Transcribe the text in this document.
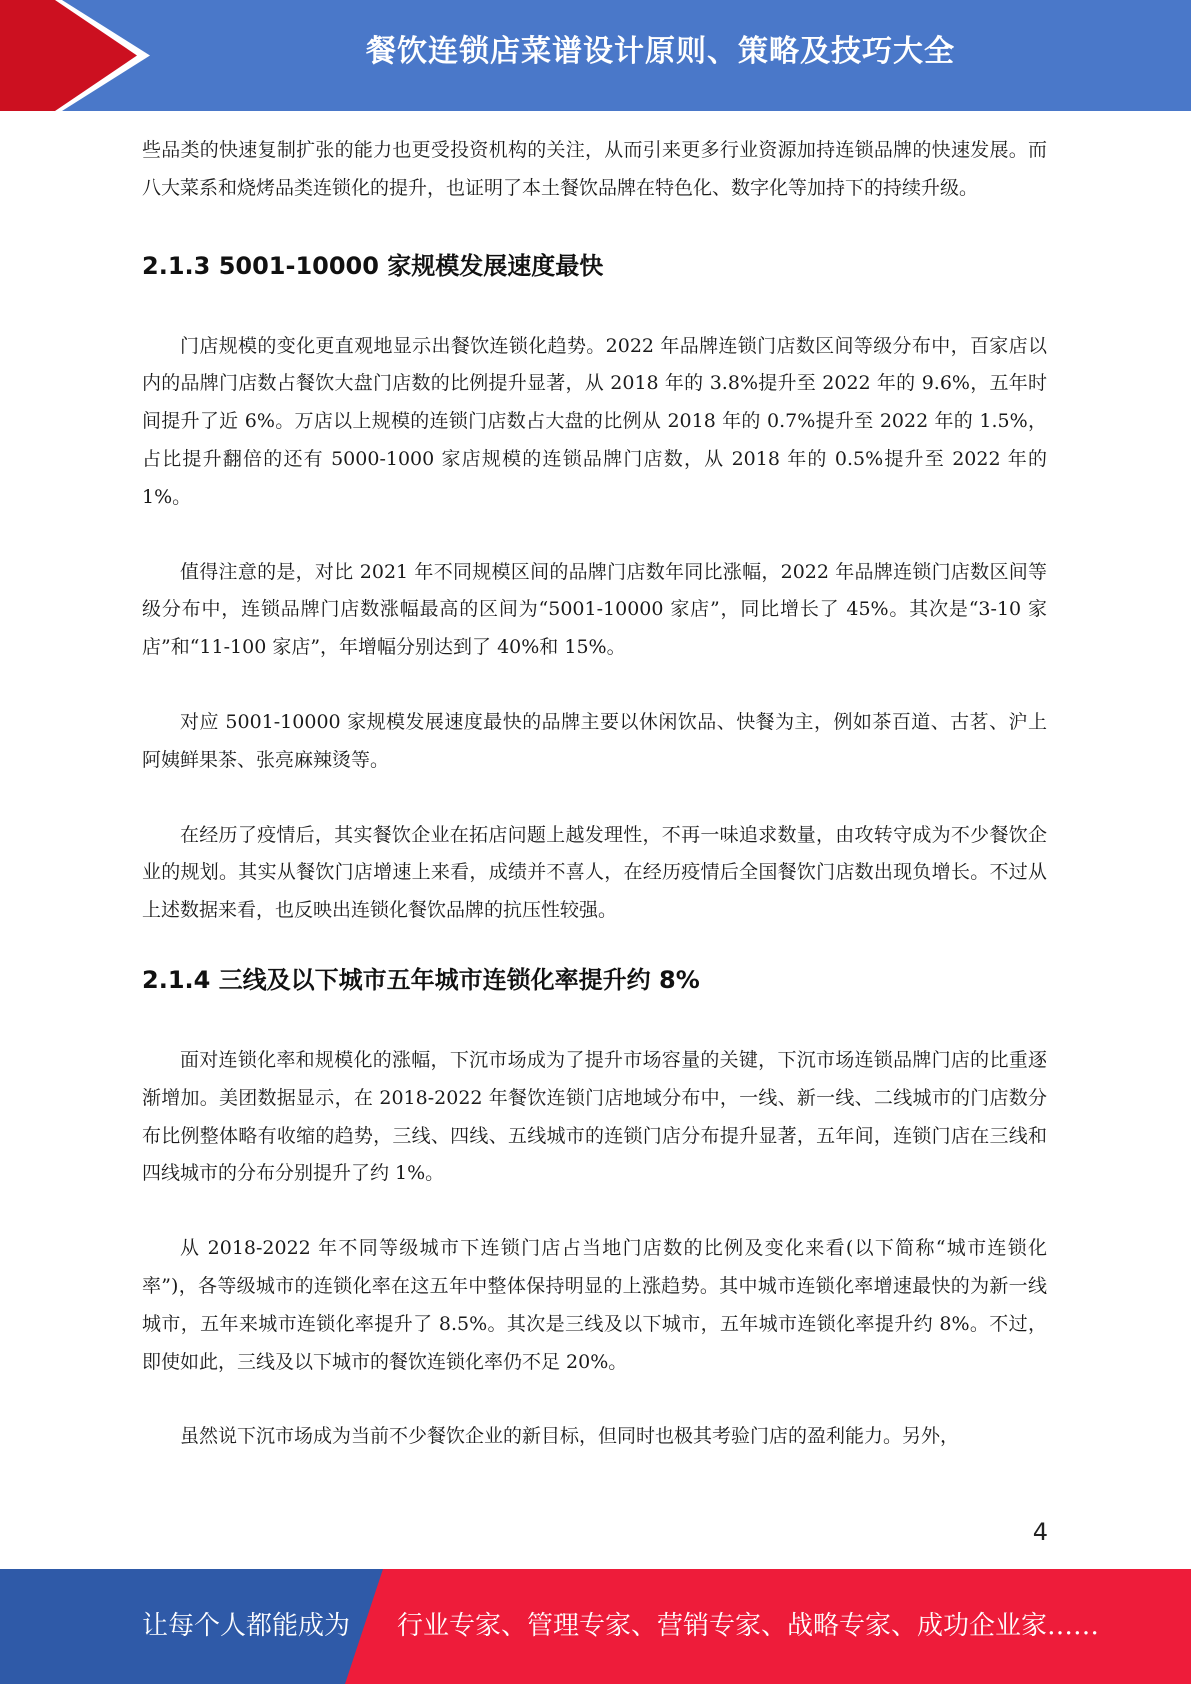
餐饮连锁店菜谱设计原则、策略及技巧大全

些品类的快速复制扩张的能力也更受投资机构的关注，从而引来更多行业资源加持连锁品牌的快速发展。而八大菜系和烧烤品类连锁化的提升，也证明了本土餐饮品牌在特色化、数字化等加持下的持续升级。

2.1.3 5001-10000 家规模发展速度最快

门店规模的变化更直观地显示出餐饮连锁化趋势。2022 年品牌连锁门店数区间等级分布中，百家店以内的品牌门店数占餐饮大盘门店数的比例提升显著，从 2018 年的 3.8%提升至 2022 年的 9.6%，五年时间提升了近 6%。万店以上规模的连锁门店数占大盘的比例从 2018 年的 0.7%提升至 2022 年的 1.5%，占比提升翻倍的还有 5000-1000 家店规模的连锁品牌门店数，从 2018 年的 0.5%提升至 2022 年的 1%。

值得注意的是，对比 2021 年不同规模区间的品牌门店数年同比涨幅，2022 年品牌连锁门店数区间等级分布中，连锁品牌门店数涨幅最高的区间为“5001-10000 家店”，同比增长了 45%。其次是“3-10 家店”和“11-100 家店”，年增幅分别达到了 40%和 15%。

对应 5001-10000 家规模发展速度最快的品牌主要以休闲饮品、快餐为主，例如茶百道、古茗、沪上阿姨鲜果茶、张亮麻辣烫等。

在经历了疫情后，其实餐饮企业在拓店问题上越发理性，不再一味追求数量，由攻转守成为不少餐饮企业的规划。其实从餐饮门店增速上来看，成绩并不喜人，在经历疫情后全国餐饮门店数出现负增长。不过从上述数据来看，也反映出连锁化餐饮品牌的抗压性较强。

2.1.4 三线及以下城市五年城市连锁化率提升约 8%

面对连锁化率和规模化的涨幅，下沉市场成为了提升市场容量的关键，下沉市场连锁品牌门店的比重逐渐增加。美团数据显示，在 2018-2022 年餐饮连锁门店地域分布中，一线、新一线、二线城市的门店数分布比例整体略有收缩的趋势，三线、四线、五线城市的连锁门店分布提升显著，五年间，连锁门店在三线和四线城市的分布分别提升了约 1%。

从 2018-2022 年不同等级城市下连锁门店占当地门店数的比例及变化来看(以下简称“城市连锁化率”)，各等级城市的连锁化率在这五年中整体保持明显的上涨趋势。其中城市连锁化率增速最快的为新一线城市，五年来城市连锁化率提升了 8.5%。其次是三线及以下城市，五年城市连锁化率提升约 8%。不过，即使如此，三线及以下城市的餐饮连锁化率仍不足 20%。

虽然说下沉市场成为当前不少餐饮企业的新目标，但同时也极其考验门店的盈利能力。另外，

4
让每个人都能成为 行业专家、管理专家、营销专家、战略专家、成功企业家……
